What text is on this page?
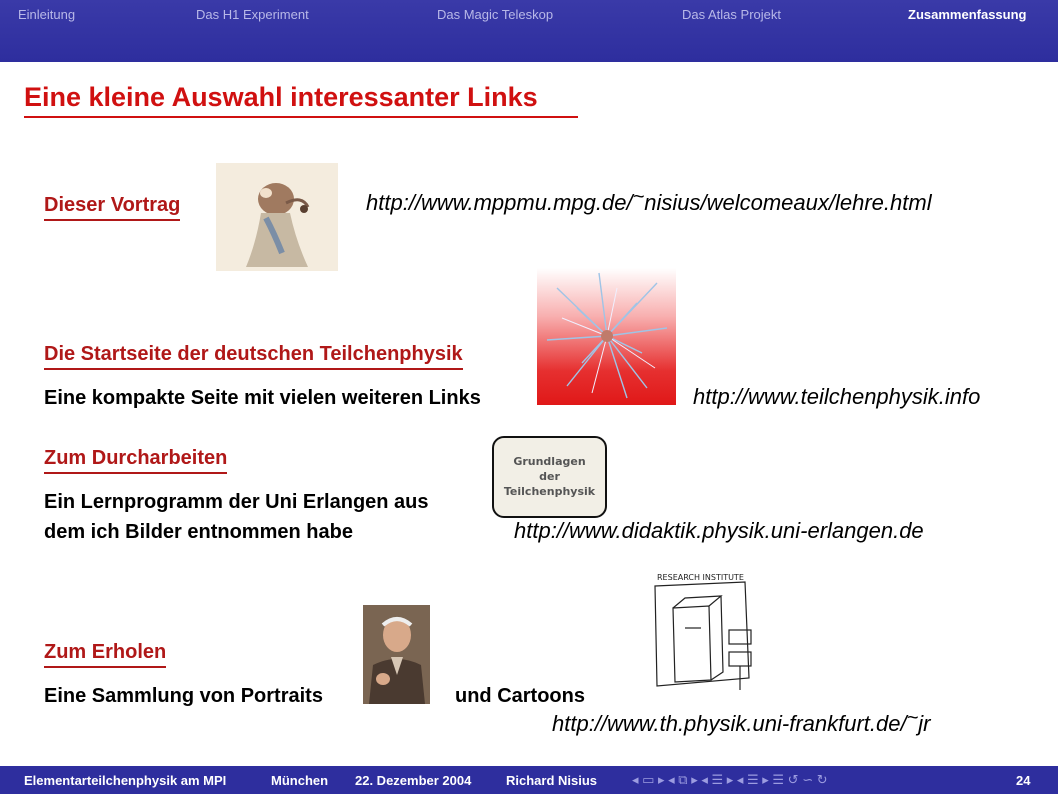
Einleitung	Das H1 Experiment	Das Magic Teleskop	Das Atlas Projekt	Zusammenfassung
Eine kleine Auswahl interessanter Links
Dieser Vortrag	http://www.mppmu.mpg.de/~nisius/welcomeaux/lehre.html
Die Startseite der deutschen Teilchenphysik
Eine kompakte Seite mit vielen weiteren Links	http://www.teilchenphysik.info
Zum Durcharbeiten	Grundlagen
der
Teilchenphysik
Ein Lernprogramm der Uni Erlangen aus
dem ich Bilder entnommen habe	http://www.didaktik.physik.uni-erlangen.de
RESEARCH INSTITUTE
Zum Erholen
Eine Sammlung von Portraits	und Cartoons
http://www.th.physik.uni-frankfurt.de/~jr
Elementarteilchenphysik am MPI	München 22. Dezember 2004	Richard Nisius	◂ ▭ ▸ ◂ ⧉ ▸ ◂ ☰ ▸ ◂ ☰ ▸ ☰ ↺ ∽ ↻	24
